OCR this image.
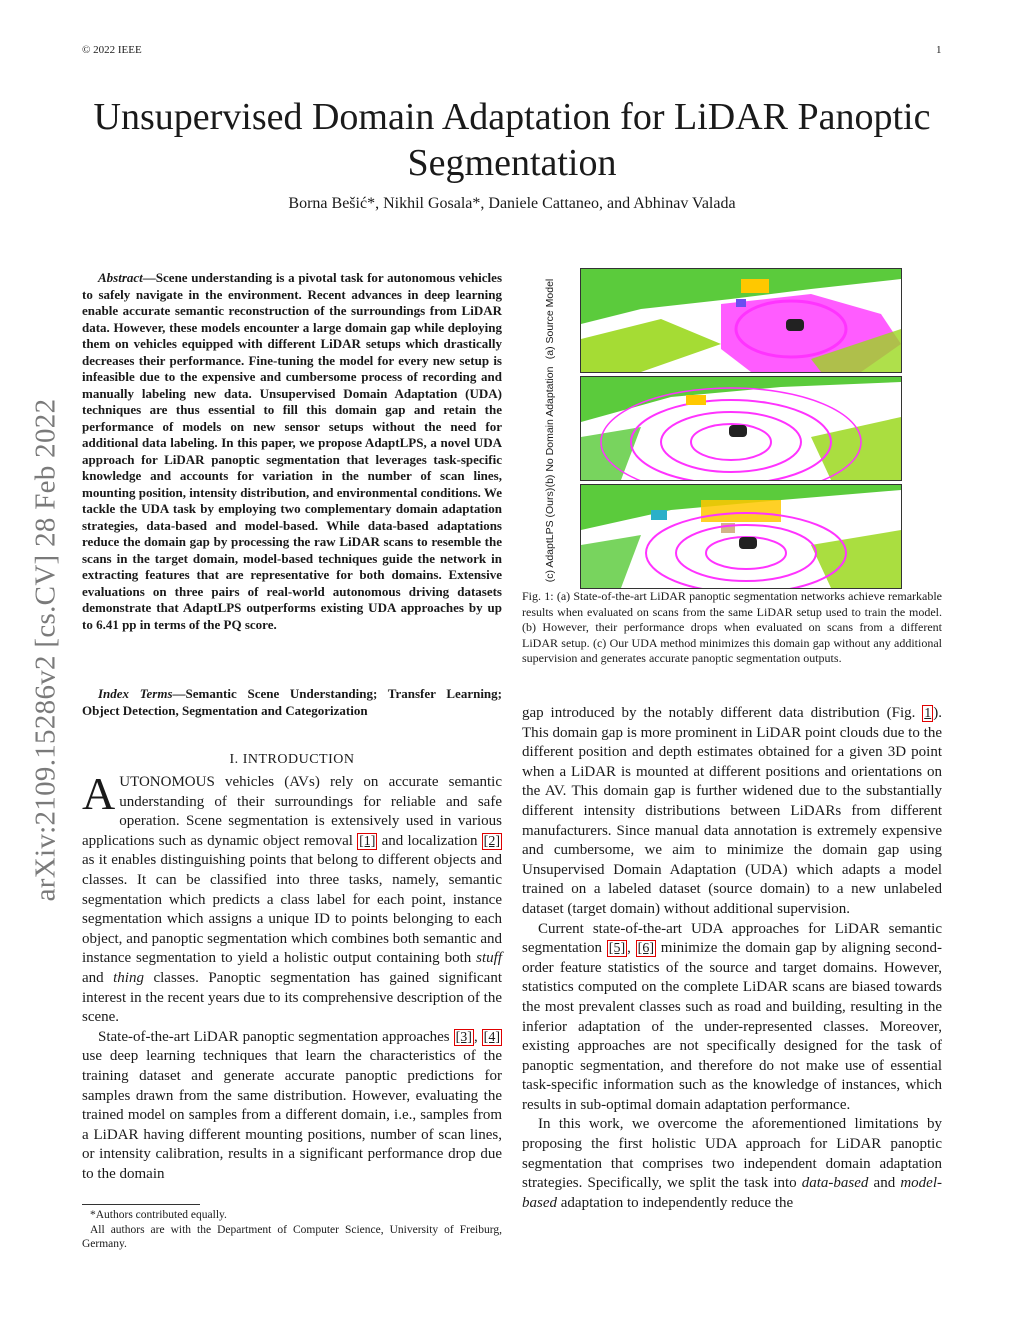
© 2022 IEEE	1
Unsupervised Domain Adaptation for LiDAR Panoptic Segmentation
Borna Bešić*, Nikhil Gosala*, Daniele Cattaneo, and Abhinav Valada
arXiv:2109.15286v2 [cs.CV] 28 Feb 2022

Abstract—Scene understanding is a pivotal task for autonomous vehicles to safely navigate in the environment. Recent advances in deep learning enable accurate semantic reconstruction of the surroundings from LiDAR data. However, these models encounter a large domain gap while deploying them on vehicles equipped with different LiDAR setups which drastically decreases their performance. Fine-tuning the model for every new setup is infeasible due to the expensive and cumbersome process of recording and manually labeling new data. Unsupervised Domain Adaptation (UDA) techniques are thus essential to fill this domain gap and retain the performance of models on new sensor setups without the need for additional data labeling. In this paper, we propose AdaptLPS, a novel UDA approach for LiDAR panoptic segmentation that leverages task-specific knowledge and accounts for variation in the number of scan lines, mounting position, intensity distribution, and environmental conditions. We tackle the UDA task by employing two complementary domain adaptation strategies, data-based and model-based. While data-based adaptations reduce the domain gap by processing the raw LiDAR scans to resemble the scans in the target domain, model-based techniques guide the network in extracting features that are representative for both domains. Extensive evaluations on three pairs of real-world autonomous driving datasets demonstrate that AdaptLPS outperforms existing UDA approaches by up to 6.41 pp in terms of the PQ score.

Index Terms—Semantic Scene Understanding; Transfer Learning; Object Detection, Segmentation and Categorization

I. INTRODUCTION

AUTONOMOUS vehicles (AVs) rely on accurate semantic understanding of their surroundings for reliable and safe operation. Scene segmentation is extensively used in various applications such as dynamic object removal [1] and localization [2] as it enables distinguishing points that belong to different objects and classes. It can be classified into three tasks, namely, semantic segmentation which predicts a class label for each point, instance segmentation which assigns a unique ID to points belonging to each object, and panoptic segmentation which combines both semantic and instance segmentation to yield a holistic output containing both stuff and thing classes. Panoptic segmentation has gained significant interest in the recent years due to its comprehensive description of the scene.

State-of-the-art LiDAR panoptic segmentation approaches [3] , [4] use deep learning techniques that learn the characteristics of the training dataset and generate accurate panoptic predictions for samples drawn from the same distribution. However, evaluating the trained model on samples from a different domain, i.e., samples from a LiDAR having different mounting positions, number of scan lines, or intensity calibration, results in a significant performance drop due to the domain

*Authors contributed equally.

All authors are with the Department of Computer Science, University of Freiburg, Germany.

(a) Source Model
(b) No Domain Adaptation
(c) AdaptLPS (Ours)

Fig. 1: (a) State-of-the-art LiDAR panoptic segmentation networks achieve remarkable results when evaluated on scans from the same LiDAR setup used to train the model. (b) However, their performance drops when evaluated on scans from a different LiDAR setup. (c) Our UDA method minimizes this domain gap without any additional supervision and generates accurate panoptic segmentation outputs.

gap introduced by the notably different data distribution (Fig. 1 ). This domain gap is more prominent in LiDAR point clouds due to the different position and depth estimates obtained for a given 3D point when a LiDAR is mounted at different positions and orientations on the AV. This domain gap is further widened due to the substantially different intensity distributions between LiDARs from different manufacturers. Since manual data annotation is extremely expensive and cumbersome, we aim to minimize the domain gap using Unsupervised Domain Adaptation (UDA) which adapts a model trained on a labeled dataset (source domain) to a new unlabeled dataset (target domain) without additional supervision.

Current state-of-the-art UDA approaches for LiDAR semantic segmentation [5] , [6] minimize the domain gap by aligning second-order feature statistics of the source and target domains. However, statistics computed on the complete LiDAR scans are biased towards the most prevalent classes such as road and building, resulting in the inferior adaptation of the under-represented classes. Moreover, existing approaches are not specifically designed for the task of panoptic segmentation, and therefore do not make use of essential task-specific information such as the knowledge of instances, which results in sub-optimal domain adaptation performance.

In this work, we overcome the aforementioned limitations by proposing the first holistic UDA approach for LiDAR panoptic segmentation that comprises two independent domain adaptation strategies. Specifically, we split the task into data-based and model-based adaptation to independently reduce the
